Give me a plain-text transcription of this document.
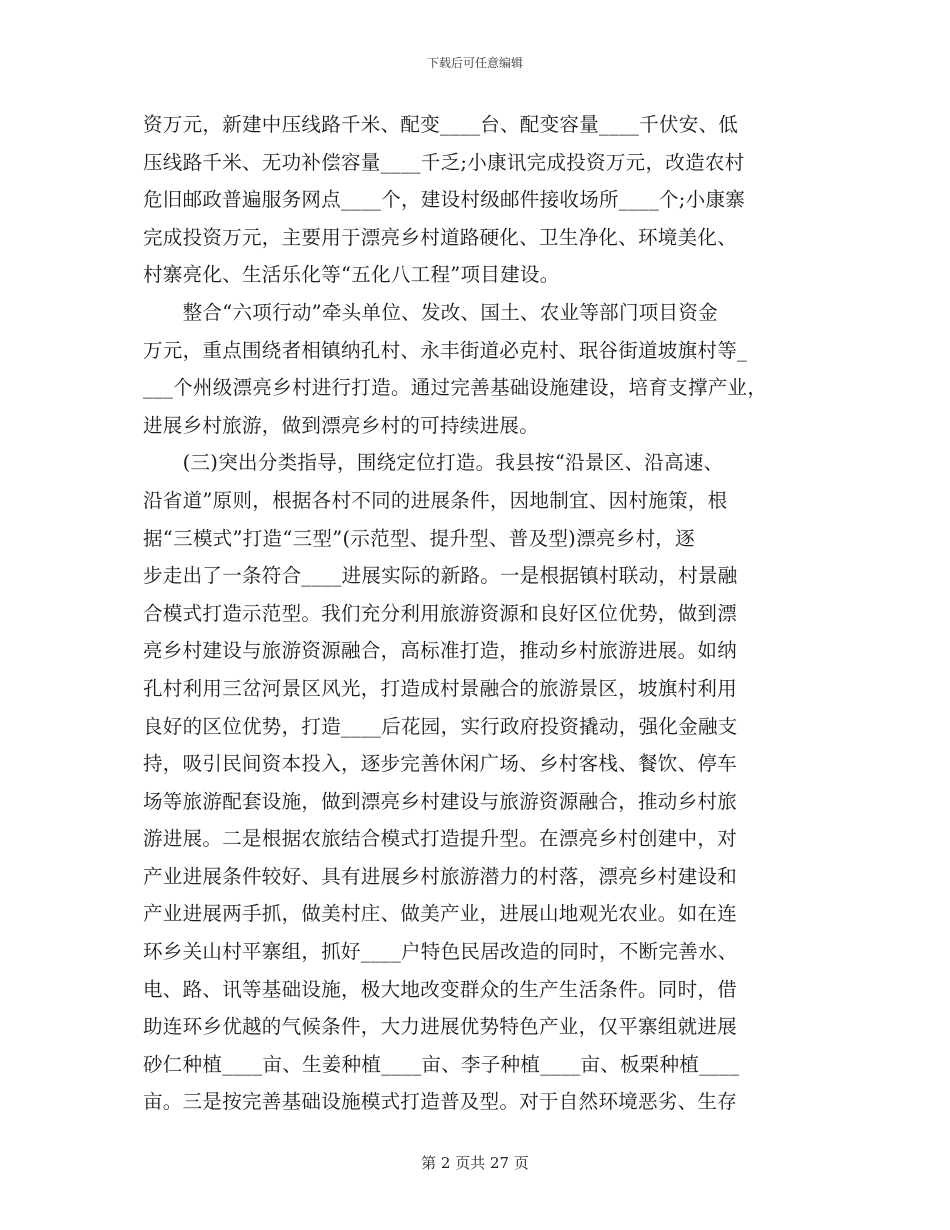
下载后可任意编辑
资万元，新建中压线路千米、配变____台、配变容量____千伏安、低
压线路千米、无功补偿容量____千乏;小康讯完成投资万元，改造农村
危旧邮政普遍服务网点____个，建设村级邮件接收场所____个;小康寨
完成投资万元，主要用于漂亮乡村道路硬化、卫生净化、环境美化、
村寨亮化、生活乐化等“五化八工程”项目建设。
　　整合“六项行动”牵头单位、发改、国土、农业等部门项目资金
万元，重点围绕者相镇纳孔村、永丰街道必克村、珉谷街道坡旗村等_
___个州级漂亮乡村进行打造。通过完善基础设施建设，培育支撑产业，
进展乡村旅游，做到漂亮乡村的可持续进展。
　　(三)突出分类指导，围绕定位打造。我县按“沿景区、沿高速、
沿省道”原则，根据各村不同的进展条件，因地制宜、因村施策，根
据“三模式”打造“三型”(示范型、提升型、普及型)漂亮乡村，逐
步走出了一条符合____进展实际的新路。一是根据镇村联动，村景融
合模式打造示范型。我们充分利用旅游资源和良好区位优势，做到漂
亮乡村建设与旅游资源融合，高标准打造，推动乡村旅游进展。如纳
孔村利用三岔河景区风光，打造成村景融合的旅游景区，坡旗村利用
良好的区位优势，打造____后花园，实行政府投资撬动，强化金融支
持，吸引民间资本投入，逐步完善休闲广场、乡村客栈、餐饮、停车
场等旅游配套设施，做到漂亮乡村建设与旅游资源融合，推动乡村旅
游进展。二是根据农旅结合模式打造提升型。在漂亮乡村创建中，对
产业进展条件较好、具有进展乡村旅游潜力的村落，漂亮乡村建设和
产业进展两手抓，做美村庄、做美产业，进展山地观光农业。如在连
环乡关山村平寨组，抓好____户特色民居改造的同时，不断完善水、
电、路、讯等基础设施，极大地改变群众的生产生活条件。同时，借
助连环乡优越的气候条件，大力进展优势特色产业，仅平寨组就进展
砂仁种植____亩、生姜种植____亩、李子种植____亩、板栗种植____
亩。三是按完善基础设施模式打造普及型。对于自然环境恶劣、生存
第 2 页共 27 页
